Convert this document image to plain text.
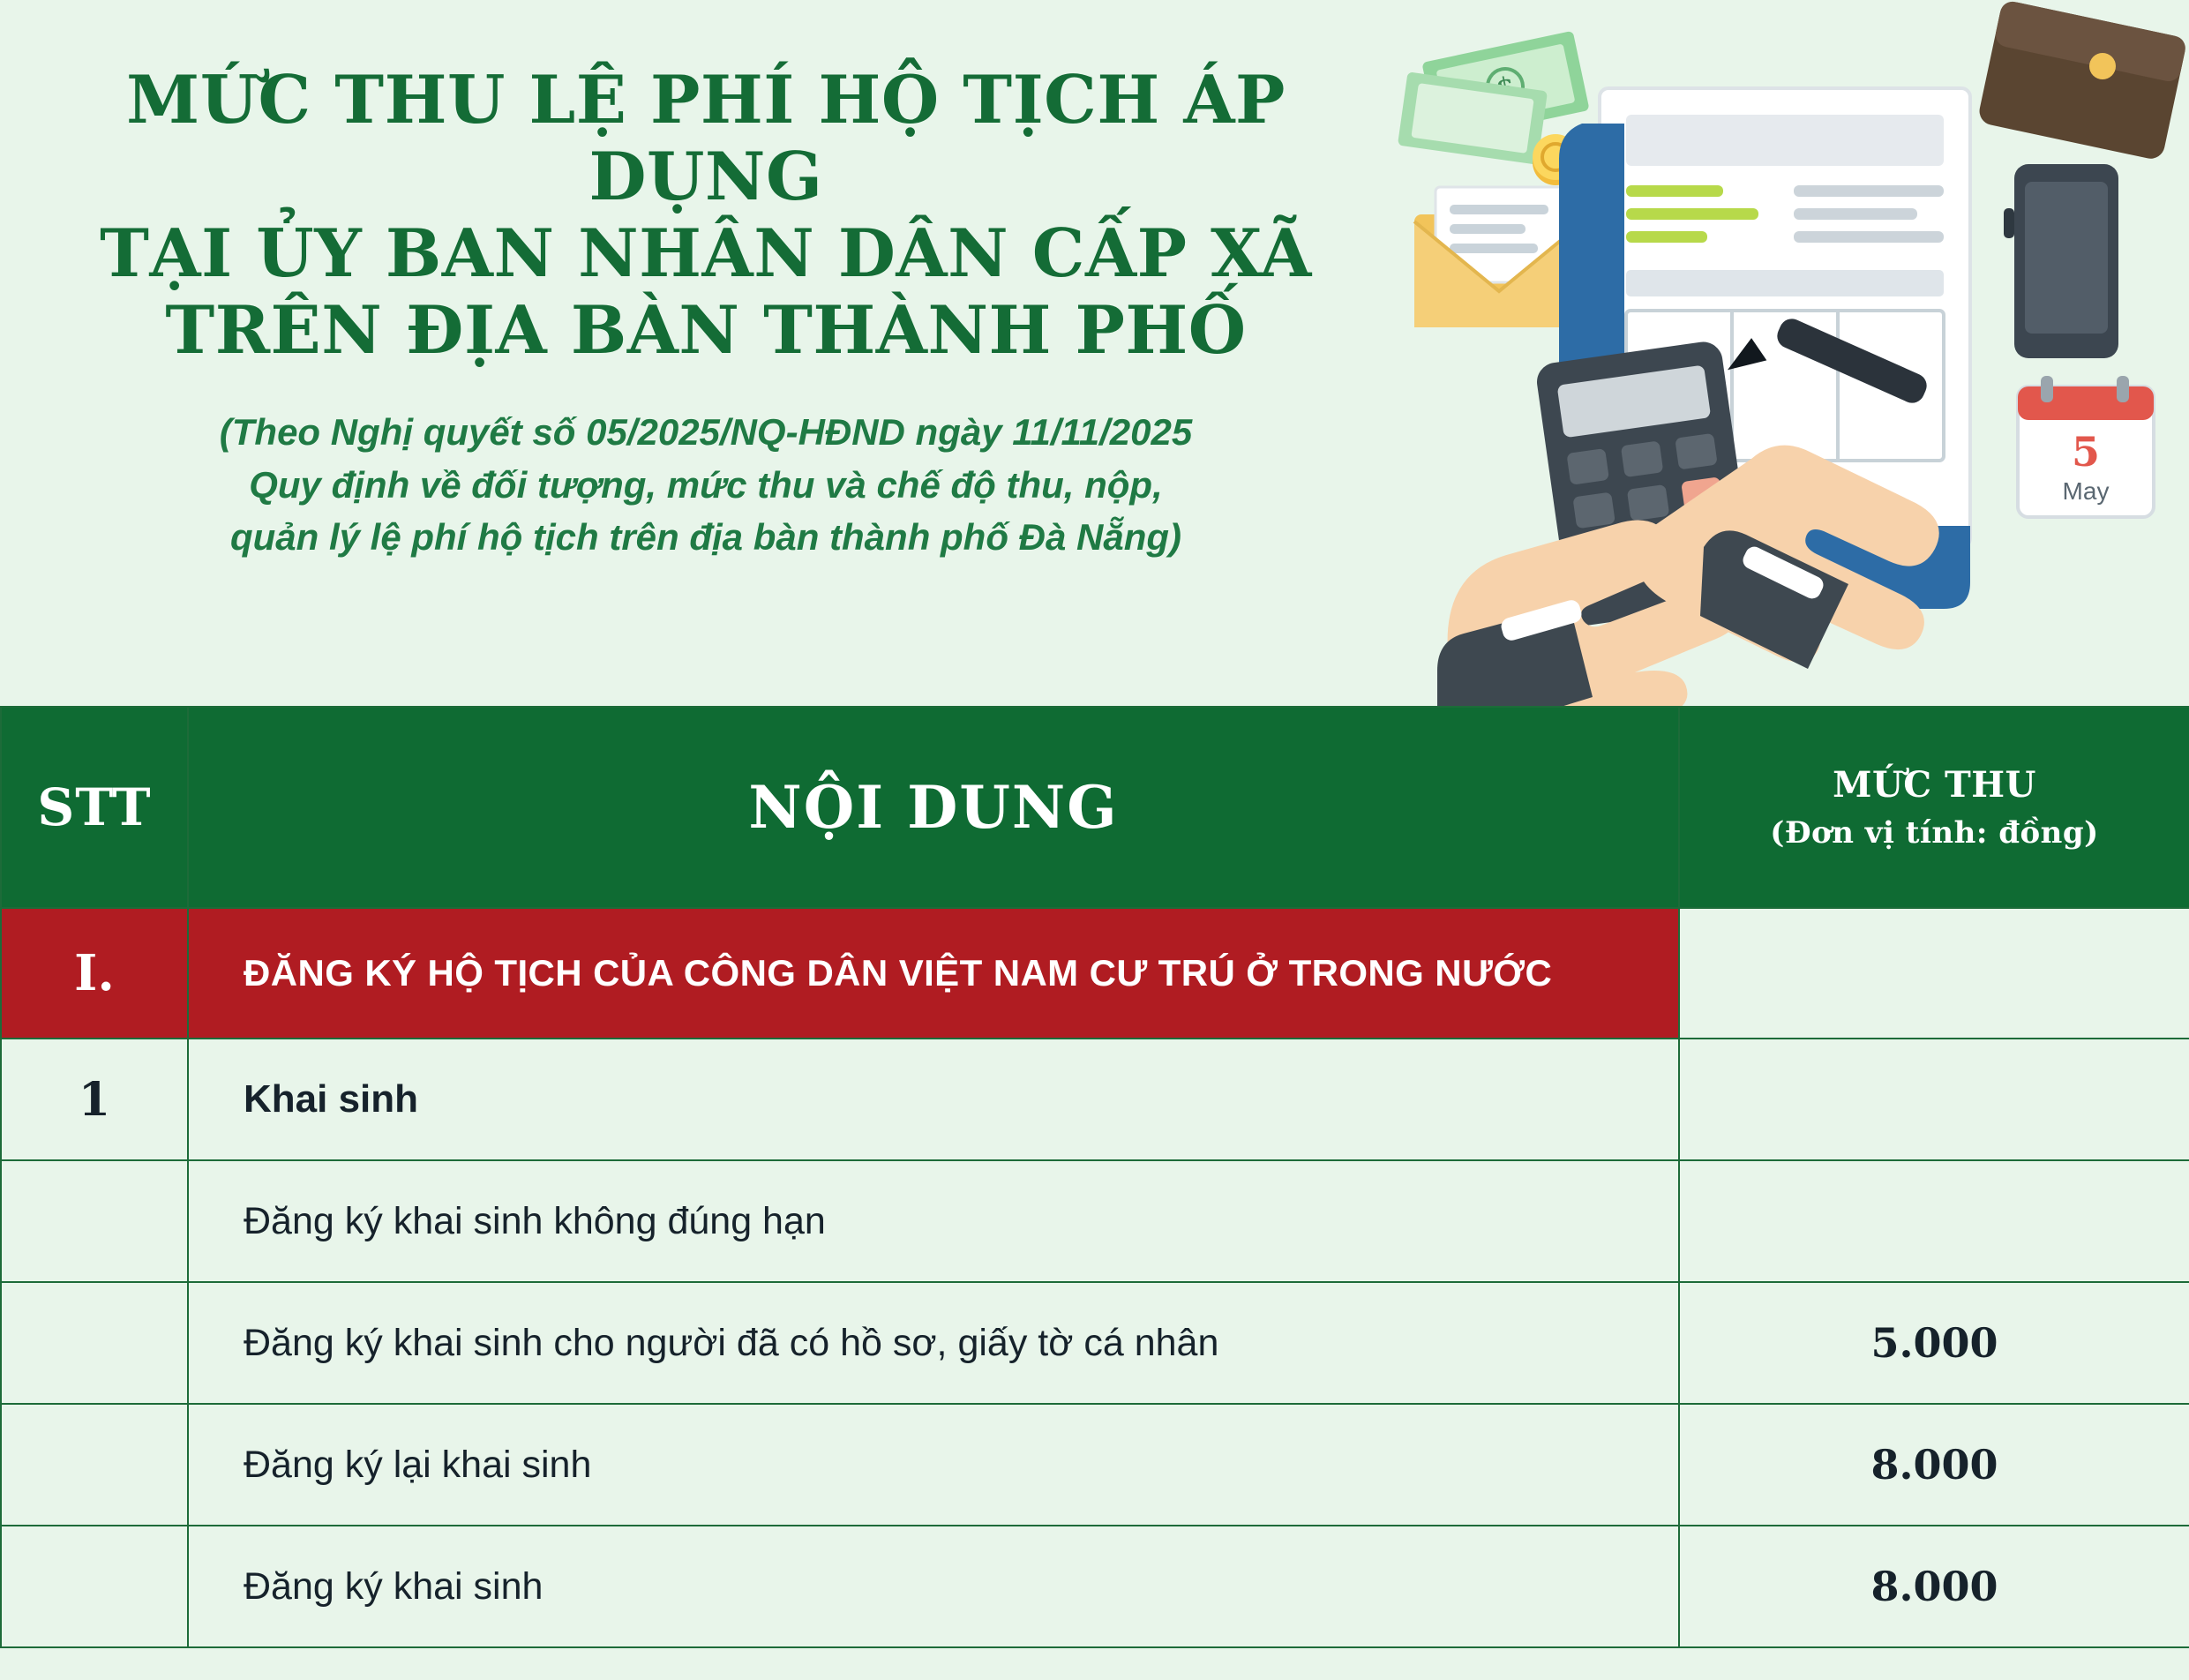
MỨC THU LỆ PHÍ HỘ TỊCH ÁP DỤNG
TẠI ỦY BAN NHÂN DÂN CẤP XÃ
TRÊN ĐỊA BÀN THÀNH PHỐ
(Theo Nghị quyết số 05/2025/NQ-HĐND ngày 11/11/2025
Quy định về đối tượng, mức thu và chế độ thu, nộp,
quản lý lệ phí hộ tịch trên địa bàn thành phố Đà Nẵng)
5
May
STT	NỘI DUNG	MỨC THU
(Đơn vị tính: đồng)

I.	ĐĂNG KÝ HỘ TỊCH CỦA CÔNG DÂN VIỆT NAM CƯ TRÚ Ở TRONG NƯỚC	
1	Khai sinh	
	Đăng ký khai sinh không đúng hạn	
	Đăng ký khai sinh cho người đã có hồ sơ, giấy tờ cá nhân	5.000
	Đăng ký lại khai sinh	8.000
	Đăng ký khai sinh	8.000
